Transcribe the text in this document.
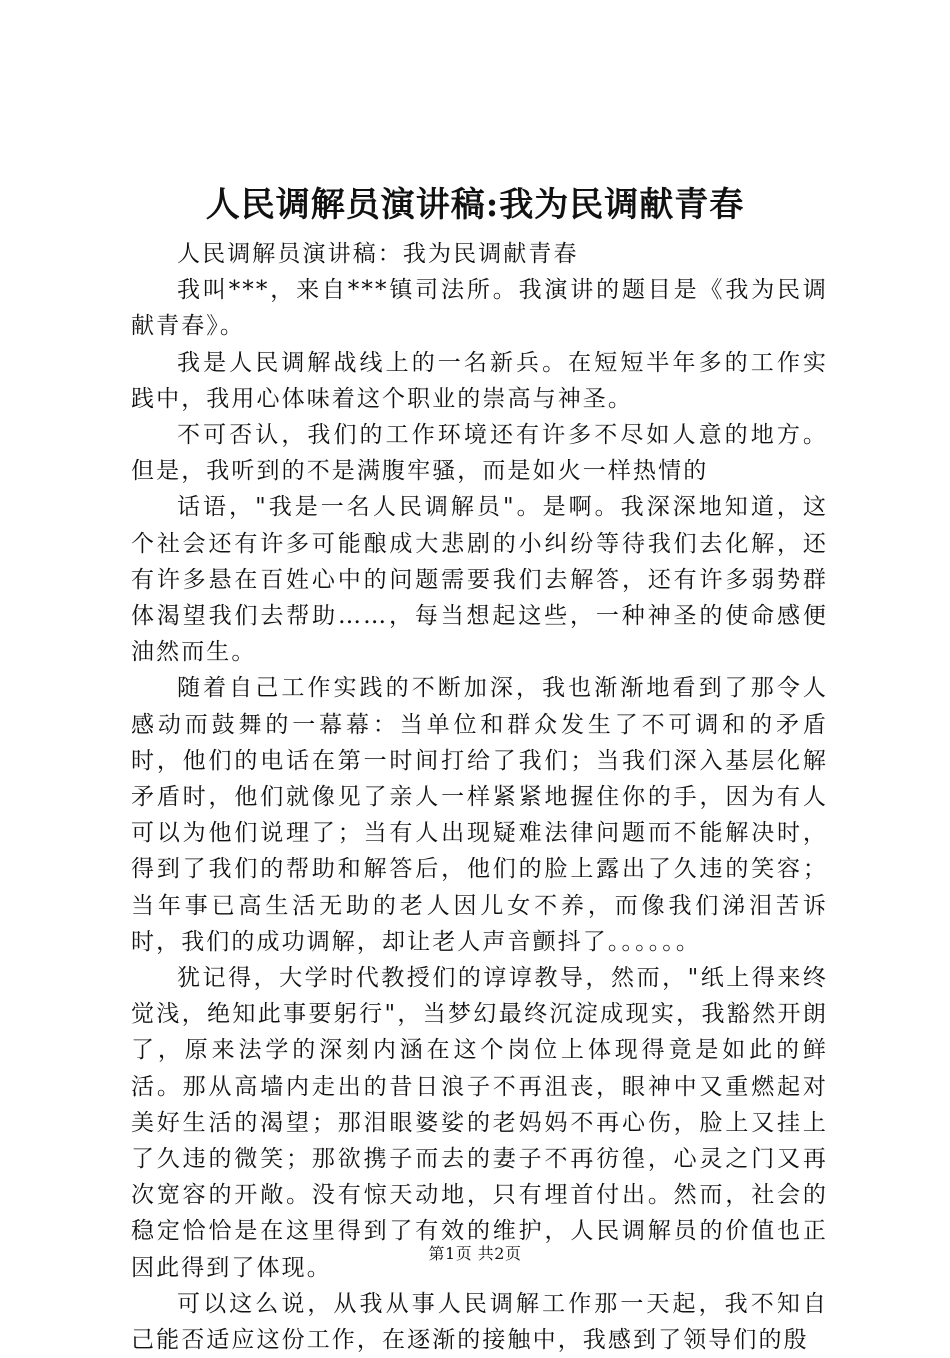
人民调解员演讲稿:我为民调献青春

人民调解员演讲稿：我为民调献青春

我叫***，来自***镇司法所。我演讲的题目是《我为民调献青春》。

我是人民调解战线上的一名新兵。在短短半年多的工作实践中，我用心体味着这个职业的崇高与神圣。

不可否认，我们的工作环境还有许多不尽如人意的地方。但是，我听到的不是满腹牢骚，而是如火一样热情的

话语，"我是一名人民调解员"。是啊。我深深地知道，这个社会还有许多可能酿成大悲剧的小纠纷等待我们去化解，还有许多悬在百姓心中的问题需要我们去解答，还有许多弱势群体渴望我们去帮助……，每当想起这些，一种神圣的使命感便油然而生。

随着自己工作实践的不断加深，我也渐渐地看到了那令人感动而鼓舞的一幕幕：当单位和群众发生了不可调和的矛盾时，他们的电话在第一时间打给了我们；当我们深入基层化解矛盾时，他们就像见了亲人一样紧紧地握住你的手，因为有人可以为他们说理了；当有人出现疑难法律问题而不能解决时，得到了我们的帮助和解答后，他们的脸上露出了久违的笑容；当年事已高生活无助的老人因儿女不养，而像我们涕泪苦诉时，我们的成功调解，却让老人声音颤抖了。。。。。。

犹记得，大学时代教授们的谆谆教导，然而，"纸上得来终觉浅，绝知此事要躬行"，当梦幻最终沉淀成现实，我豁然开朗了，原来法学的深刻内涵在这个岗位上体现得竟是如此的鲜活。那从高墙内走出的昔日浪子不再沮丧，眼神中又重燃起对美好生活的渴望；那泪眼婆娑的老妈妈不再心伤，脸上又挂上了久违的微笑；那欲携子而去的妻子不再彷徨，心灵之门又再次宽容的开敞。没有惊天动地，只有埋首付出。然而，社会的稳定恰恰是在这里得到了有效的维护，人民调解员的价值也正因此得到了体现。

可以这么说，从我从事人民调解工作那一天起，我不知自己能否适应这份工作，在逐渐的接触中，我感到了领导们的殷

第1页 共2页
